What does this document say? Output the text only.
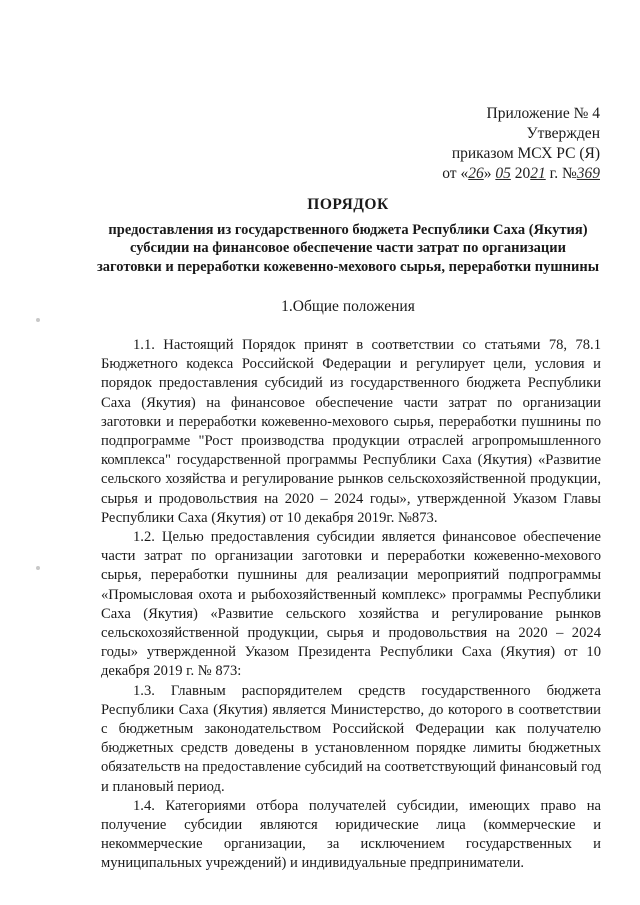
Приложение № 4
Утвержден
приказом МСХ РС (Я)
от «26» 05 2021 г. №369
ПОРЯДОК
предоставления из государственного бюджета Республики Саха (Якутия) субсидии на финансовое обеспечение части затрат по организации заготовки и переработки кожевенно-мехового сырья, переработки пушнины
1.Общие положения

1.1. Настоящий Порядок принят в соответствии со статьями 78, 78.1 Бюджетного кодекса Российской Федерации и регулирует цели, условия и порядок предоставления субсидий из государственного бюджета Республики Саха (Якутия) на финансовое обеспечение части затрат по организации заготовки и переработки кожевенно-мехового сырья, переработки пушнины по подпрограмме "Рост производства продукции отраслей агропромышленного комплекса" государственной программы Республики Саха (Якутия) «Развитие сельского хозяйства и регулирование рынков сельскохозяйственной продукции, сырья и продовольствия на 2020 – 2024 годы», утвержденной Указом Главы Республики Саха (Якутия) от 10 декабря 2019г. №873.

1.2. Целью предоставления субсидии является финансовое обеспечение части затрат по организации заготовки и переработки кожевенно-мехового сырья, переработки пушнины для реализации мероприятий подпрограммы «Промысловая охота и рыбохозяйственный комплекс» программы Республики Саха (Якутия) «Развитие сельского хозяйства и регулирование рынков сельскохозяйственной продукции, сырья и продовольствия на 2020 – 2024 годы» утвержденной Указом Президента Республики Саха (Якутия) от 10 декабря 2019 г. № 873:

1.3. Главным распорядителем средств государственного бюджета Республики Саха (Якутия) является Министерство, до которого в соответствии с бюджетным законодательством Российской Федерации как получателю бюджетных средств доведены в установленном порядке лимиты бюджетных обязательств на предоставление субсидий на соответствующий финансовый год и плановый период.

1.4. Категориями отбора получателей субсидии, имеющих право на получение субсидии являются юридические лица (коммерческие и некоммерческие организации, за исключением государственных и муниципальных учреждений) и индивидуальные предприниматели.
